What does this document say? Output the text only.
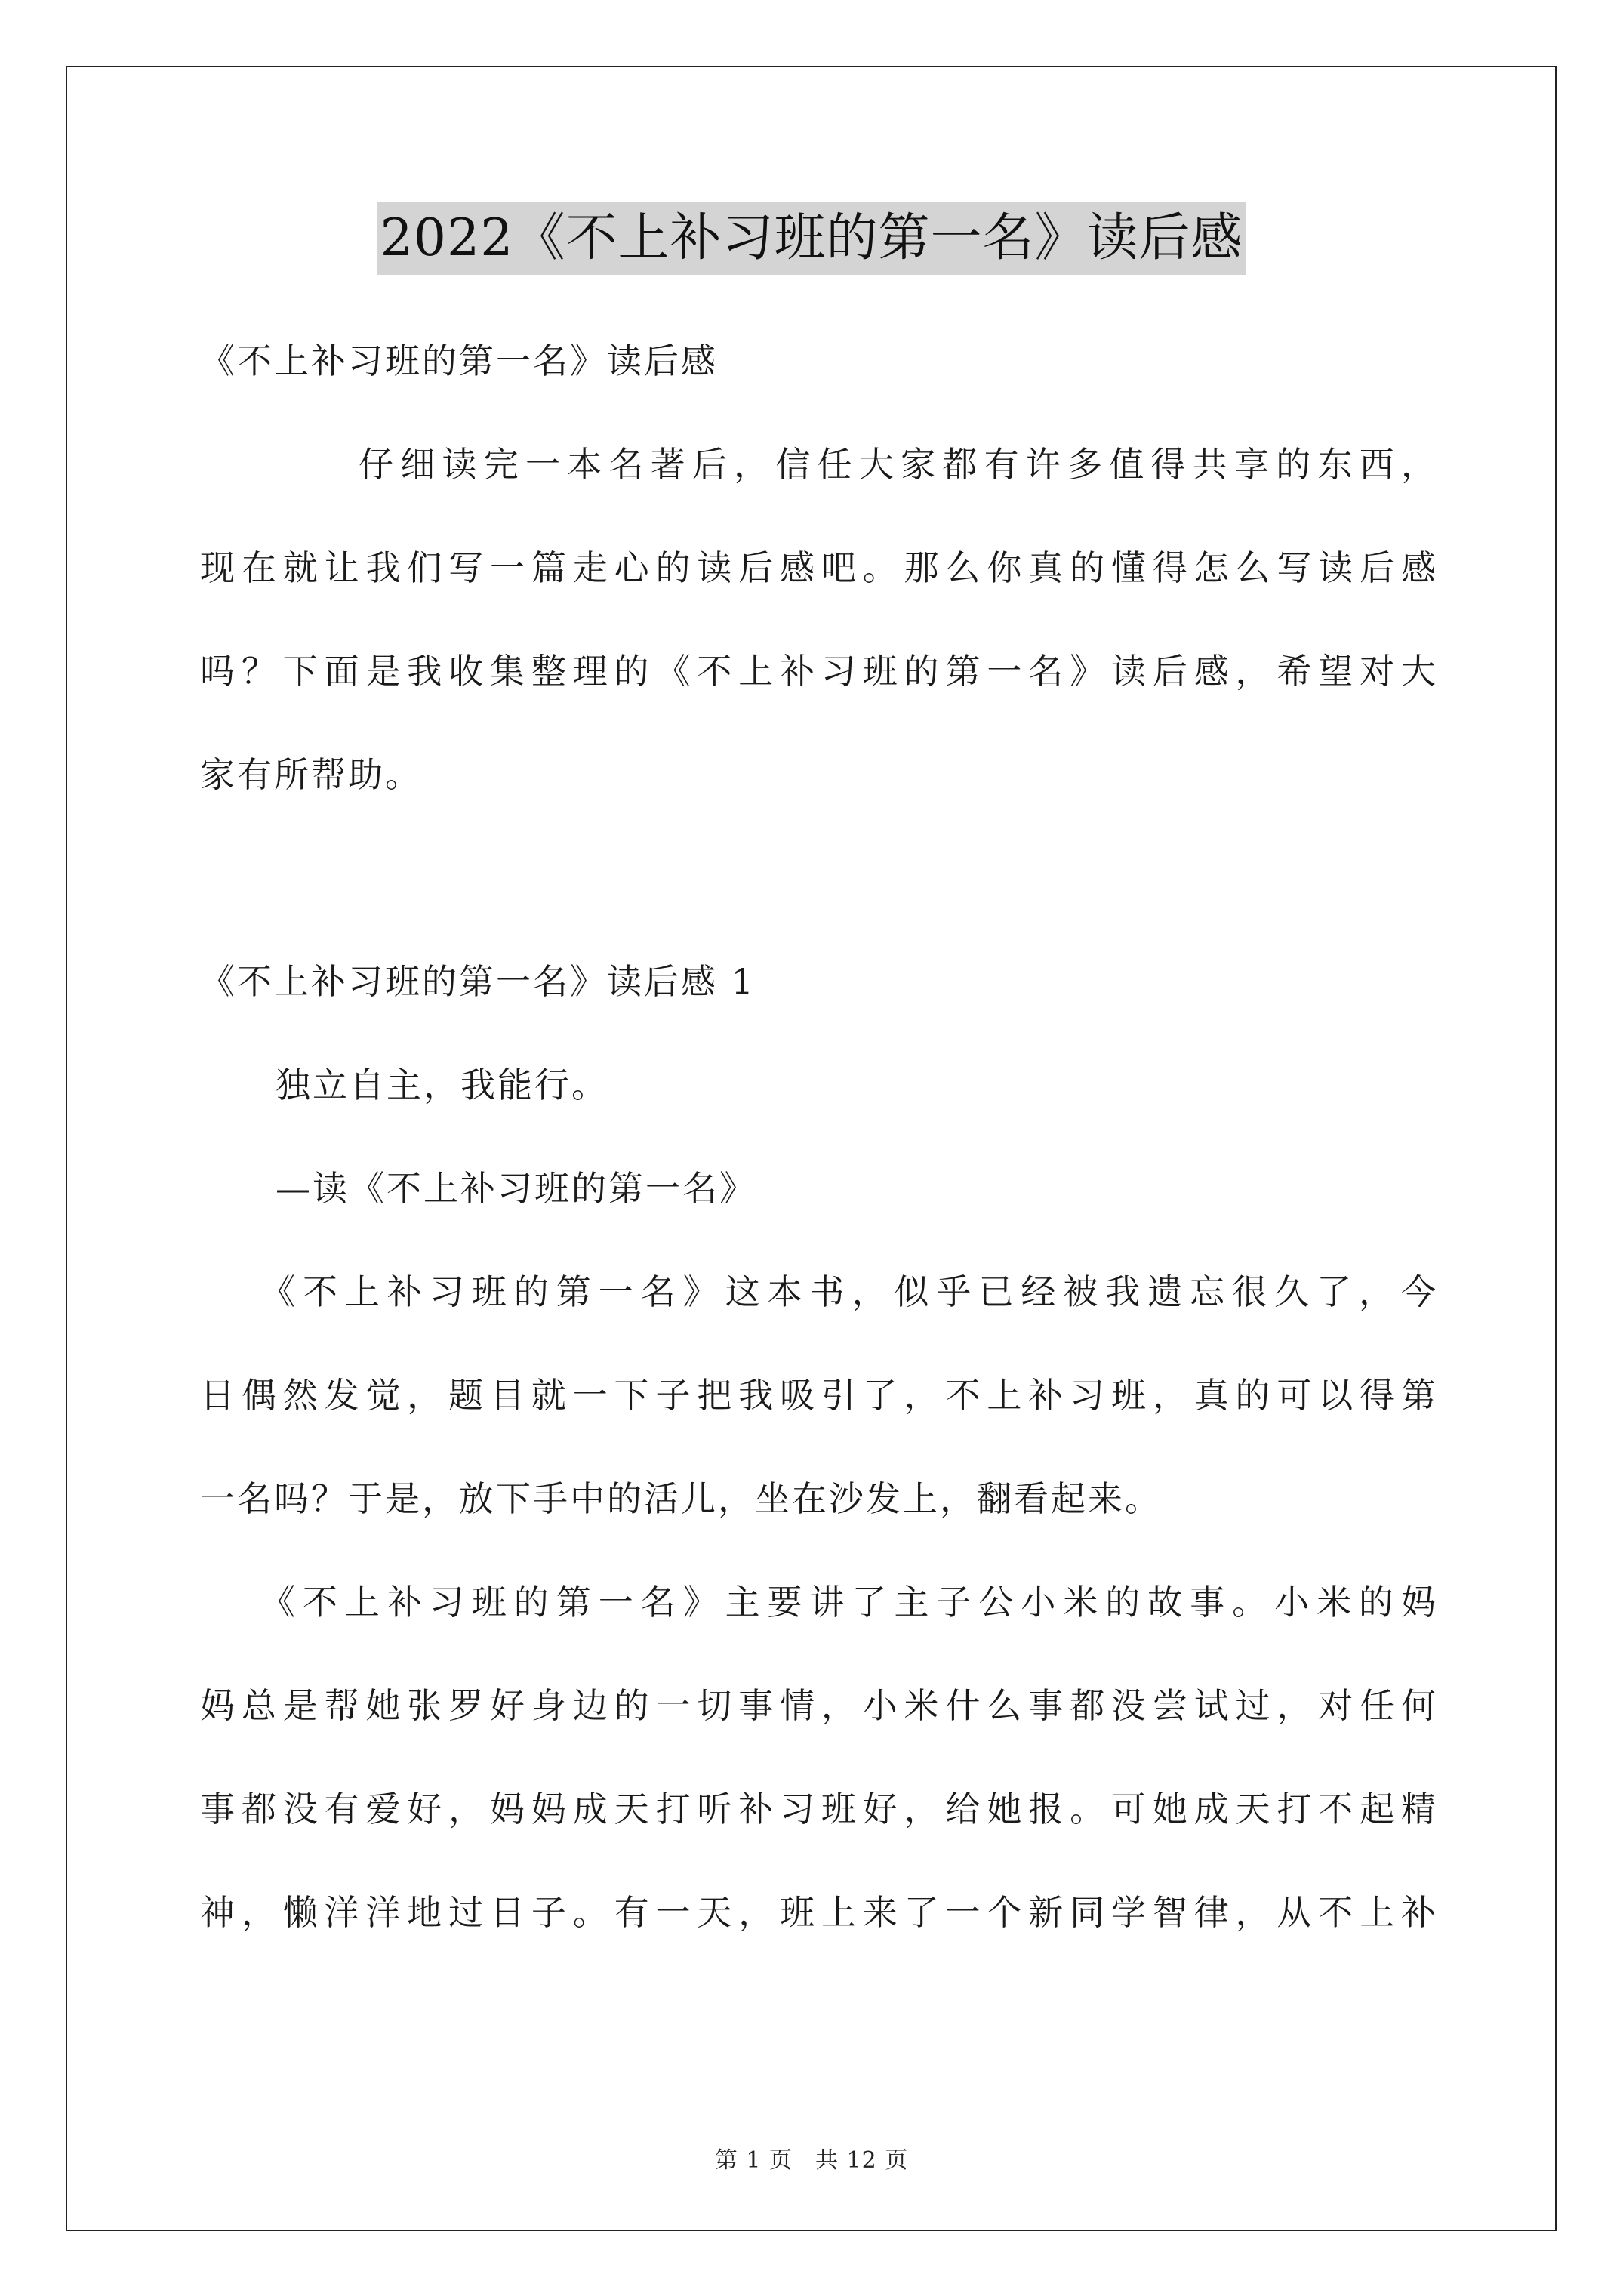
2022《不上补习班的第一名》读后感
《不上补习班的第一名》读后感
仔细读完一本名著后，信任大家都有许多值得共享的东西，
现在就让我们写一篇走心的读后感吧。那么你真的懂得怎么写读后感
吗？下面是我收集整理的《不上补习班的第一名》读后感，希望对大
家有所帮助。
《不上补习班的第一名》读后感 1
独立自主，我能行。
—读《不上补习班的第一名》
《不上补习班的第一名》这本书，似乎已经被我遗忘很久了，今
日偶然发觉，题目就一下子把我吸引了，不上补习班，真的可以得第
一名吗？于是，放下手中的活儿，坐在沙发上，翻看起来。
《不上补习班的第一名》主要讲了主子公小米的故事。小米的妈
妈总是帮她张罗好身边的一切事情，小米什么事都没尝试过，对任何
事都没有爱好，妈妈成天打听补习班好，给她报。可她成天打不起精
神，懒洋洋地过日子。有一天，班上来了一个新同学智律，从不上补
第 1 页 共 12 页
